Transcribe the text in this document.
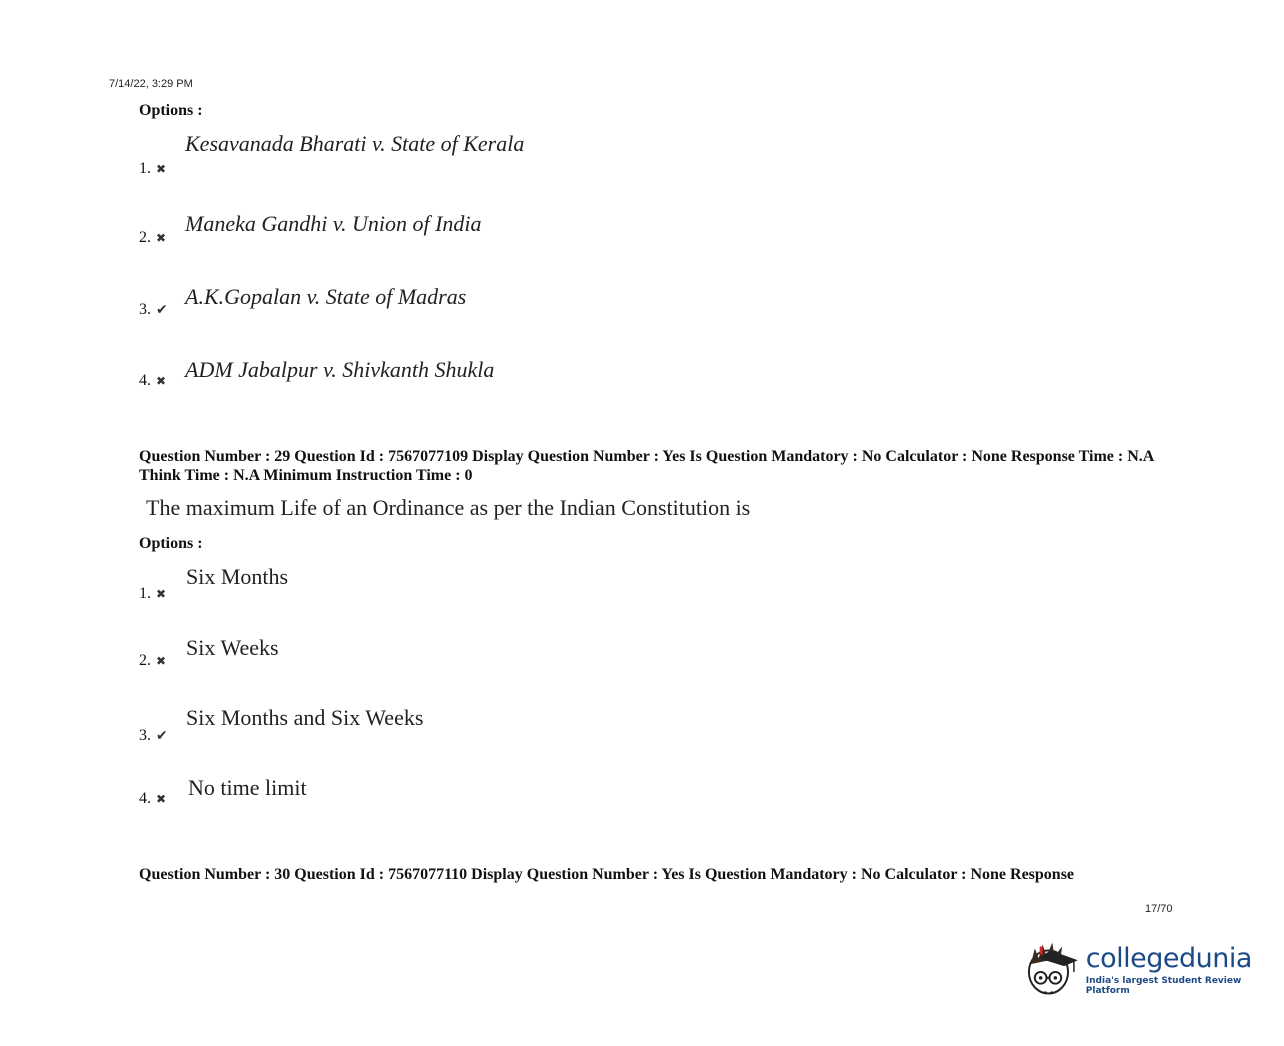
7/14/22, 3:29 PM
Options :
1. ✖
Kesavanada Bharati v. State of Kerala
2. ✖
Maneka Gandhi v. Union of India
3. ✔
A.K.Gopalan v. State of Madras
4. ✖ ADM Jabalpur v. Shivkanth Shukla
Question Number : 29 Question Id : 7567077109 Display Question Number : Yes Is Question Mandatory : No Calculator : None Response Time : N.A Think Time : N.A Minimum Instruction Time : 0
The maximum Life of an Ordinance as per the Indian Constitution is
Options :
1. ✖
Six Months
2. ✖
Six Weeks
3. ✔
Six Months and Six Weeks
4. ✖ No time limit
Question Number : 30 Question Id : 7567077110 Display Question Number : Yes Is Question Mandatory : No Calculator : None Response
17/70
collegedunia
India's largest Student Review Platform
